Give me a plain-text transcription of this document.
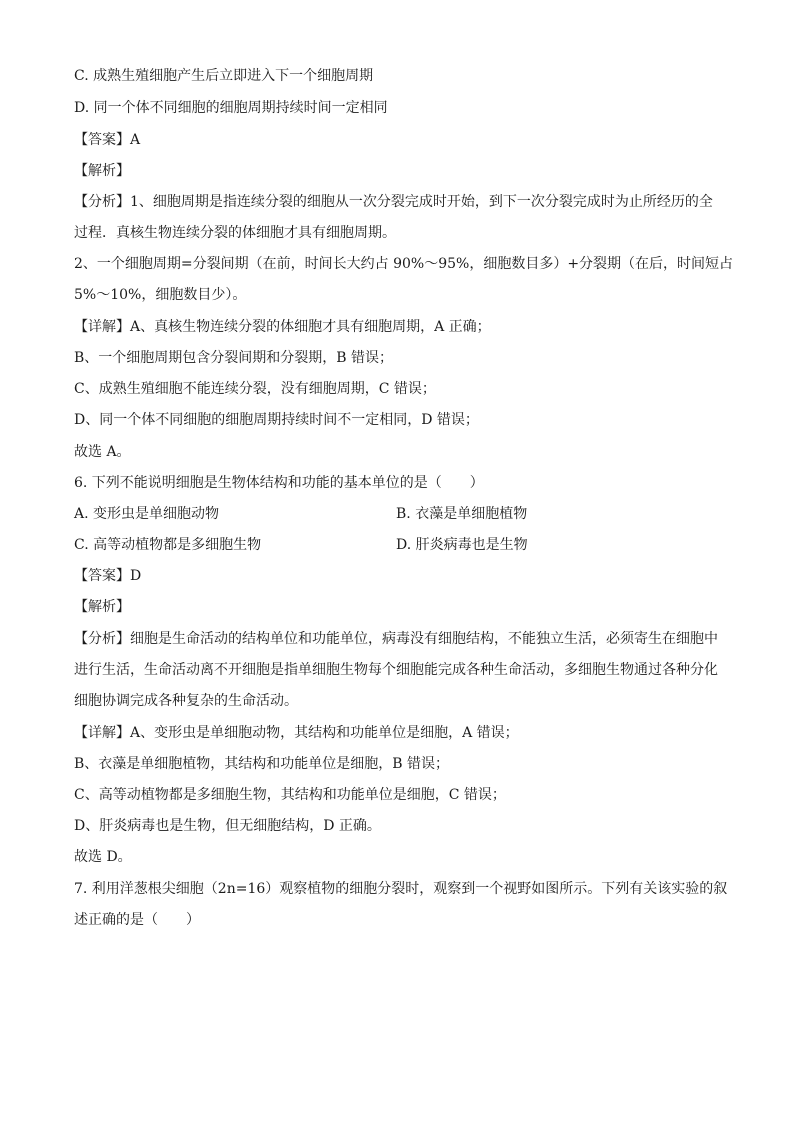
C. 成熟生殖细胞产生后立即进入下一个细胞周期
D. 同一个体不同细胞的细胞周期持续时间一定相同
【答案】A
【解析】
【分析】1、细胞周期是指连续分裂的细胞从一次分裂完成时开始，到下一次分裂完成时为止所经历的全
过程．真核生物连续分裂的体细胞才具有细胞周期。
2、一个细胞周期=分裂间期（在前，时间长大约占 90%～95%，细胞数目多）+分裂期（在后，时间短占
5%～10%，细胞数目少）。
【详解】A、真核生物连续分裂的体细胞才具有细胞周期，A 正确；
B、一个细胞周期包含分裂间期和分裂期，B 错误；
C、成熟生殖细胞不能连续分裂，没有细胞周期，C 错误；
D、同一个体不同细胞的细胞周期持续时间不一定相同，D 错误；
故选 A。
6. 下列不能说明细胞是生物体结构和功能的基本单位的是（　　）
A. 变形虫是单细胞动物	B. 衣藻是单细胞植物
C. 高等动植物都是多细胞生物	D. 肝炎病毒也是生物
【答案】D
【解析】
【分析】细胞是生命活动的结构单位和功能单位，病毒没有细胞结构，不能独立生活，必须寄生在细胞中
进行生活，生命活动离不开细胞是指单细胞生物每个细胞能完成各种生命活动，多细胞生物通过各种分化
细胞协调完成各种复杂的生命活动。
【详解】A、变形虫是单细胞动物，其结构和功能单位是细胞，A 错误；
B、衣藻是单细胞植物，其结构和功能单位是细胞，B 错误；
C、高等动植物都是多细胞生物，其结构和功能单位是细胞，C 错误；
D、肝炎病毒也是生物，但无细胞结构，D 正确。
故选 D。
7. 利用洋葱根尖细胞（2n=16）观察植物的细胞分裂时，观察到一个视野如图所示。下列有关该实验的叙
述正确的是（　　）
